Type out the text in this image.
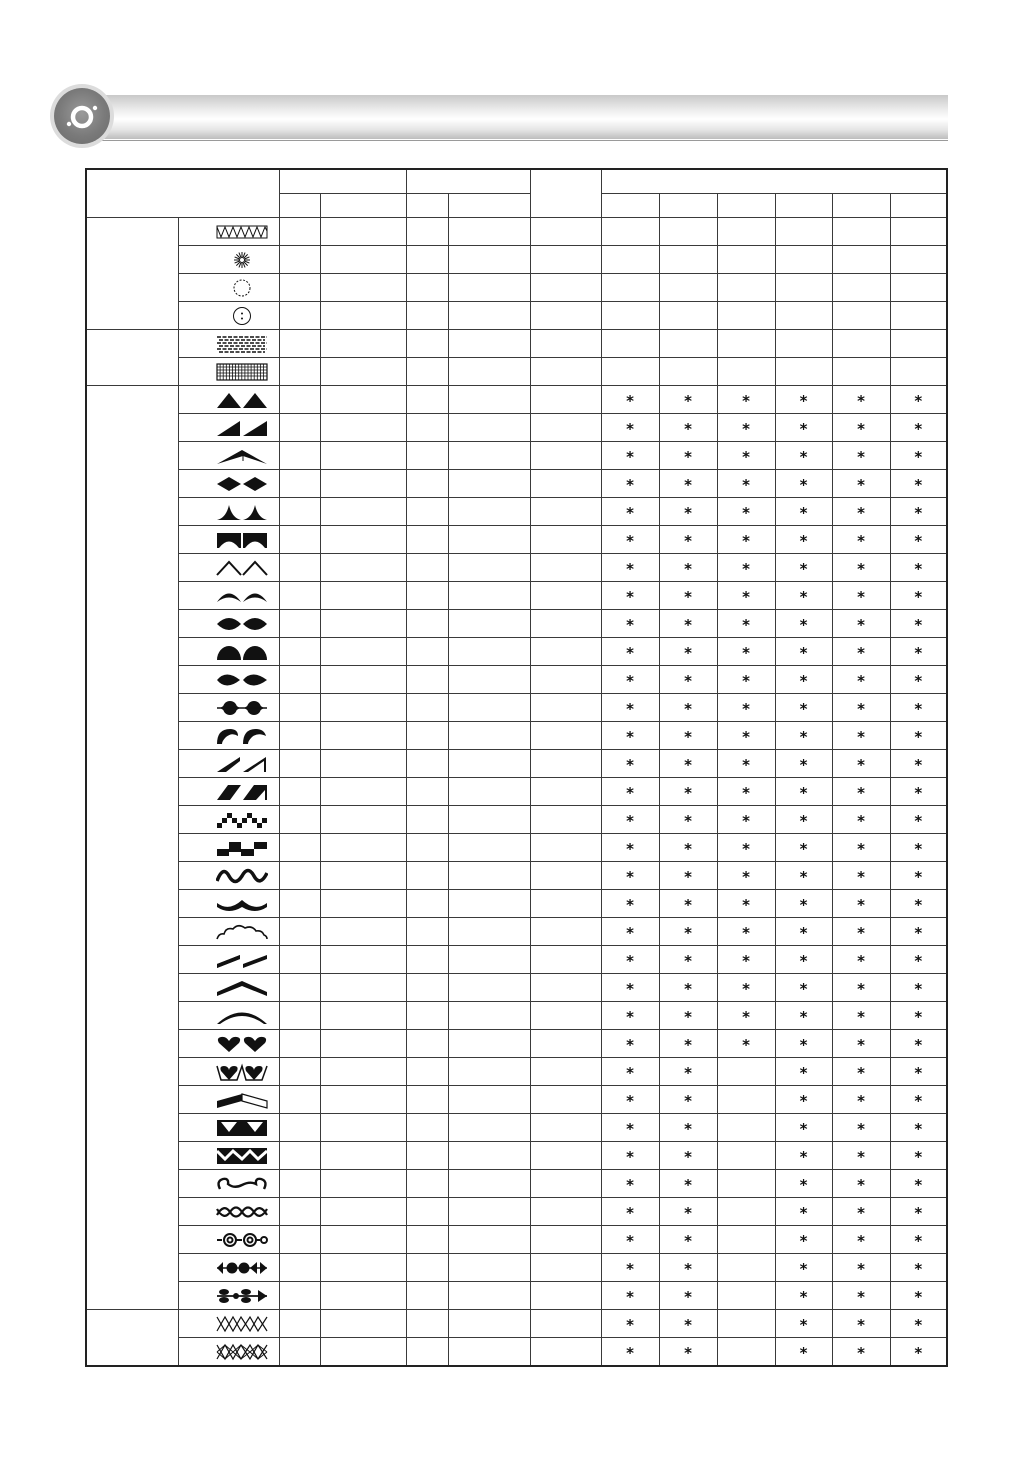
						*	*	*	*	*	*

						*	*	*	*	*	*

						*	*	*	*	*	*

						*	*	*	*	*	*

						*	*	*	*	*	*

						*	*	*	*	*	*

						*	*	*	*	*	*

						*	*	*	*	*	*

						*	*	*	*	*	*

						*	*	*	*	*	*

						*	*	*	*	*	*

						*	*	*	*	*	*

						*	*	*	*	*	*

						*	*	*	*	*	*

						*	*	*	*	*	*

						*	*	*	*	*	*

						*	*	*	*	*	*

						*	*	*	*	*	*

						*	*	*	*	*	*

						*	*	*	*	*	*

						*	*	*	*	*	*

						*	*	*	*	*	*

						*	*	*	*	*	*

						*	*	*	*	*	*

						*	*		*	*	*

						*	*		*	*	*

						*	*		*	*	*

						*	*		*	*	*

						*	*		*	*	*

						*	*		*	*	*

						*	*		*	*	*

						*	*		*	*	*

						*	*		*	*	*

						*	*		*	*	*

						*	*		*	*	*
